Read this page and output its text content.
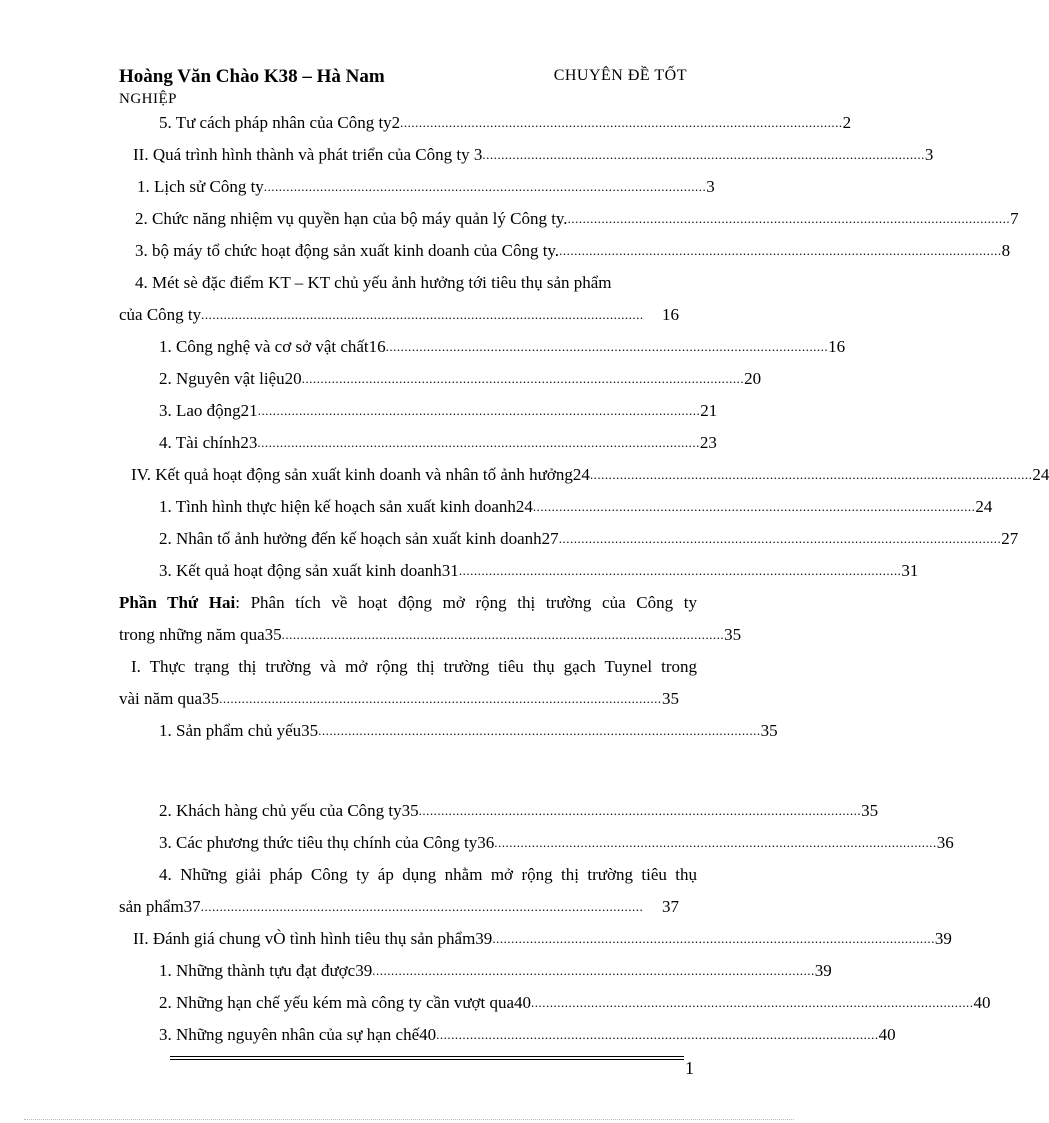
Hoàng Văn Chào K38 – Hà Nam	CHUYÊN ĐỀ TỐT
NGHIỆP
5. Tư cách pháp nhân của Công ty2 ...................................................................................................................... 2
II. Quá trình hình thành và phát triển của Công ty 3 ...................................................................................................................... 3
1. Lịch sử Công ty ...................................................................................................................... 3
2. Chức năng nhiệm vụ quyền hạn của bộ máy quản lý Công ty. ...................................................................................................................... 7
3. bộ máy tổ chức hoạt động sản xuất kinh doanh của Công ty. ...................................................................................................................... 8
4. Mét sè đặc điểm KT – KT chủ yếu ảnh hưởng tới tiêu thụ sản phẩm
của Công ty ......................................................................................................................	16
1. Công nghệ và cơ sở vật chất16 ...................................................................................................................... 16
2. Nguyên vật liệu20 ...................................................................................................................... 20
3. Lao động21 ...................................................................................................................... 21
4. Tài chính23 ...................................................................................................................... 23
IV. Kết quả hoạt động sản xuất kinh doanh và nhân tố ảnh hưởng24 ...................................................................................................................... 24
1. Tình hình thực hiện kế hoạch sản xuất kinh doanh24 ...................................................................................................................... 24
2. Nhân tố ảnh hưởng đến kế hoạch sản xuất kinh doanh27 ...................................................................................................................... 27
3. Kết quả hoạt động sản xuất kinh doanh31 ...................................................................................................................... 31
Phần Thứ Hai: Phân tích về hoạt động mở rộng thị trường của Công ty
trong những năm qua35 ...................................................................................................................... 35
I. Thực trạng thị trường và mở rộng thị trường tiêu thụ gạch Tuynel trong
vài năm qua35 ...................................................................................................................... 35
1. Sản phẩm chủ yếu35 ...................................................................................................................... 35
2. Khách hàng chủ yếu của Công ty35 ...................................................................................................................... 35
3. Các phương thức tiêu thụ chính của Công ty36 ...................................................................................................................... 36
4. Những giải pháp Công ty áp dụng nhằm mở rộng thị trường tiêu thụ
sản phẩm37 ......................................................................................................................	37
II. Đánh giá chung vÒ tình hình tiêu thụ sản phẩm39 ...................................................................................................................... 39
1. Những thành tựu đạt được39 ...................................................................................................................... 39
2. Những hạn chế yếu kém mà công ty cần vượt qua40 ...................................................................................................................... 40
3. Những nguyên nhân của sự hạn chế40 ...................................................................................................................... 40
1
